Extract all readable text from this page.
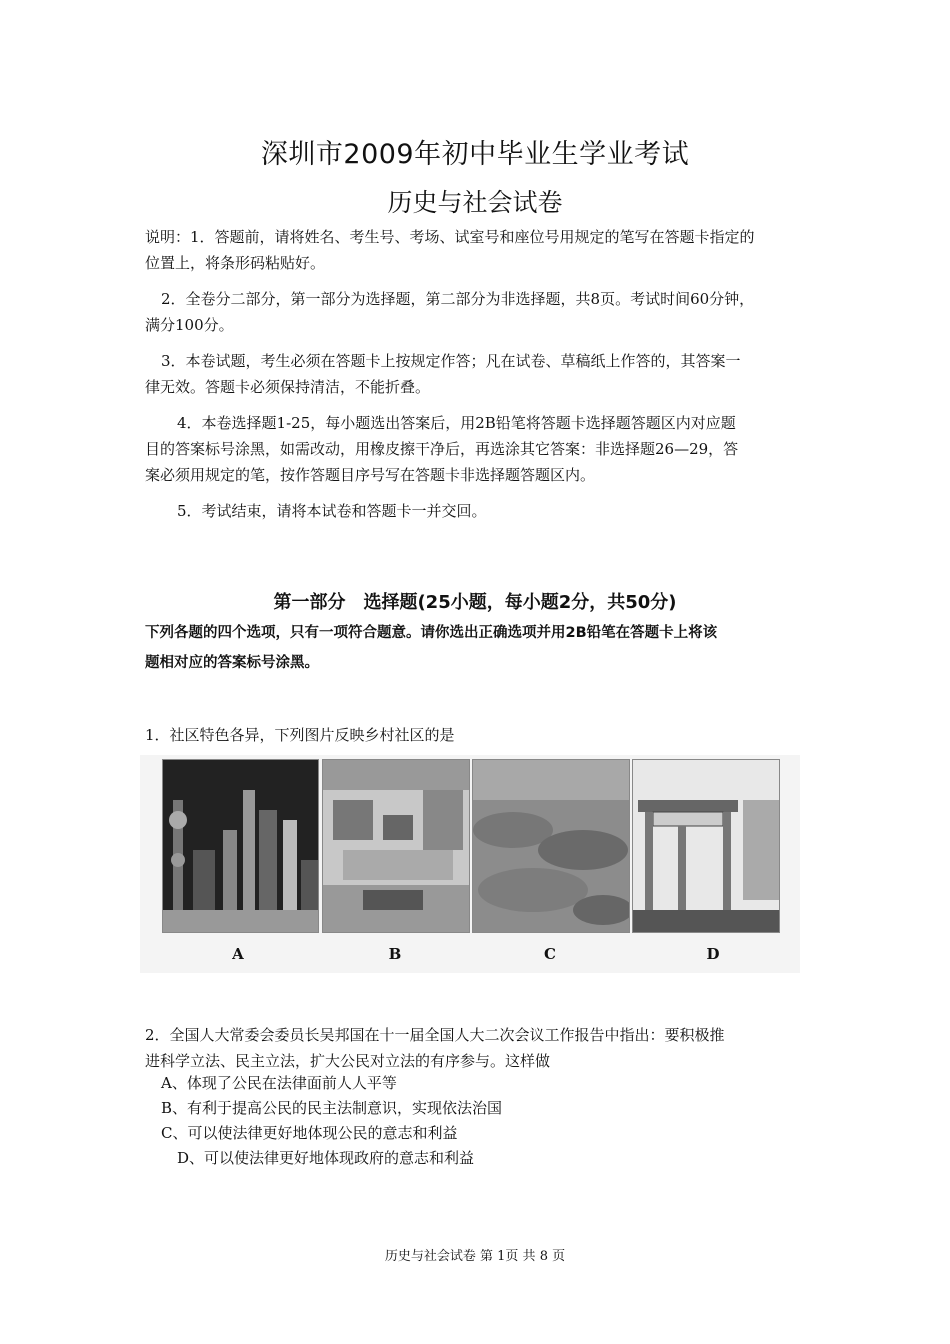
深圳市2009年初中毕业生学业考试
历史与社会试卷
说明：1．答题前，请将姓名、考生号、考场、试室号和座位号用规定的笔写在答题卡指定的
位置上，将条形码粘贴好。
2．全卷分二部分，第一部分为选择题，第二部分为非选择题，共8页。考试时间60分钟，
满分100分。
3．本卷试题，考生必须在答题卡上按规定作答；凡在试卷、草稿纸上作答的，其答案一
律无效。答题卡必须保持清洁，不能折叠。
4．本卷选择题1-25，每小题选出答案后，用2B铅笔将答题卡选择题答题区内对应题
目的答案标号涂黑，如需改动，用橡皮擦干净后，再选涂其它答案：非选择题26—29，答
案必须用规定的笔，按作答题目序号写在答题卡非选择题答题区内。
5．考试结束，请将本试卷和答题卡一并交回。
第一部分　选择题(25小题，每小题2分，共50分)
下列各题的四个选项，只有一项符合题意。请你选出正确选项并用2B铅笔在答题卡上将该
题相对应的答案标号涂黑。
1．社区特色各异，下列图片反映乡村社区的是
A	B	C	D
2．全国人大常委会委员长吴邦国在十一届全国人大二次会议工作报告中指出：要积极推
进科学立法、民主立法，扩大公民对立法的有序参与。这样做
A、体现了公民在法律面前人人平等
B、有利于提高公民的民主法制意识，实现依法治国
C、可以使法律更好地体现公民的意志和利益
D、可以使法律更好地体现政府的意志和利益
历史与社会试卷 第 1页 共 8 页
